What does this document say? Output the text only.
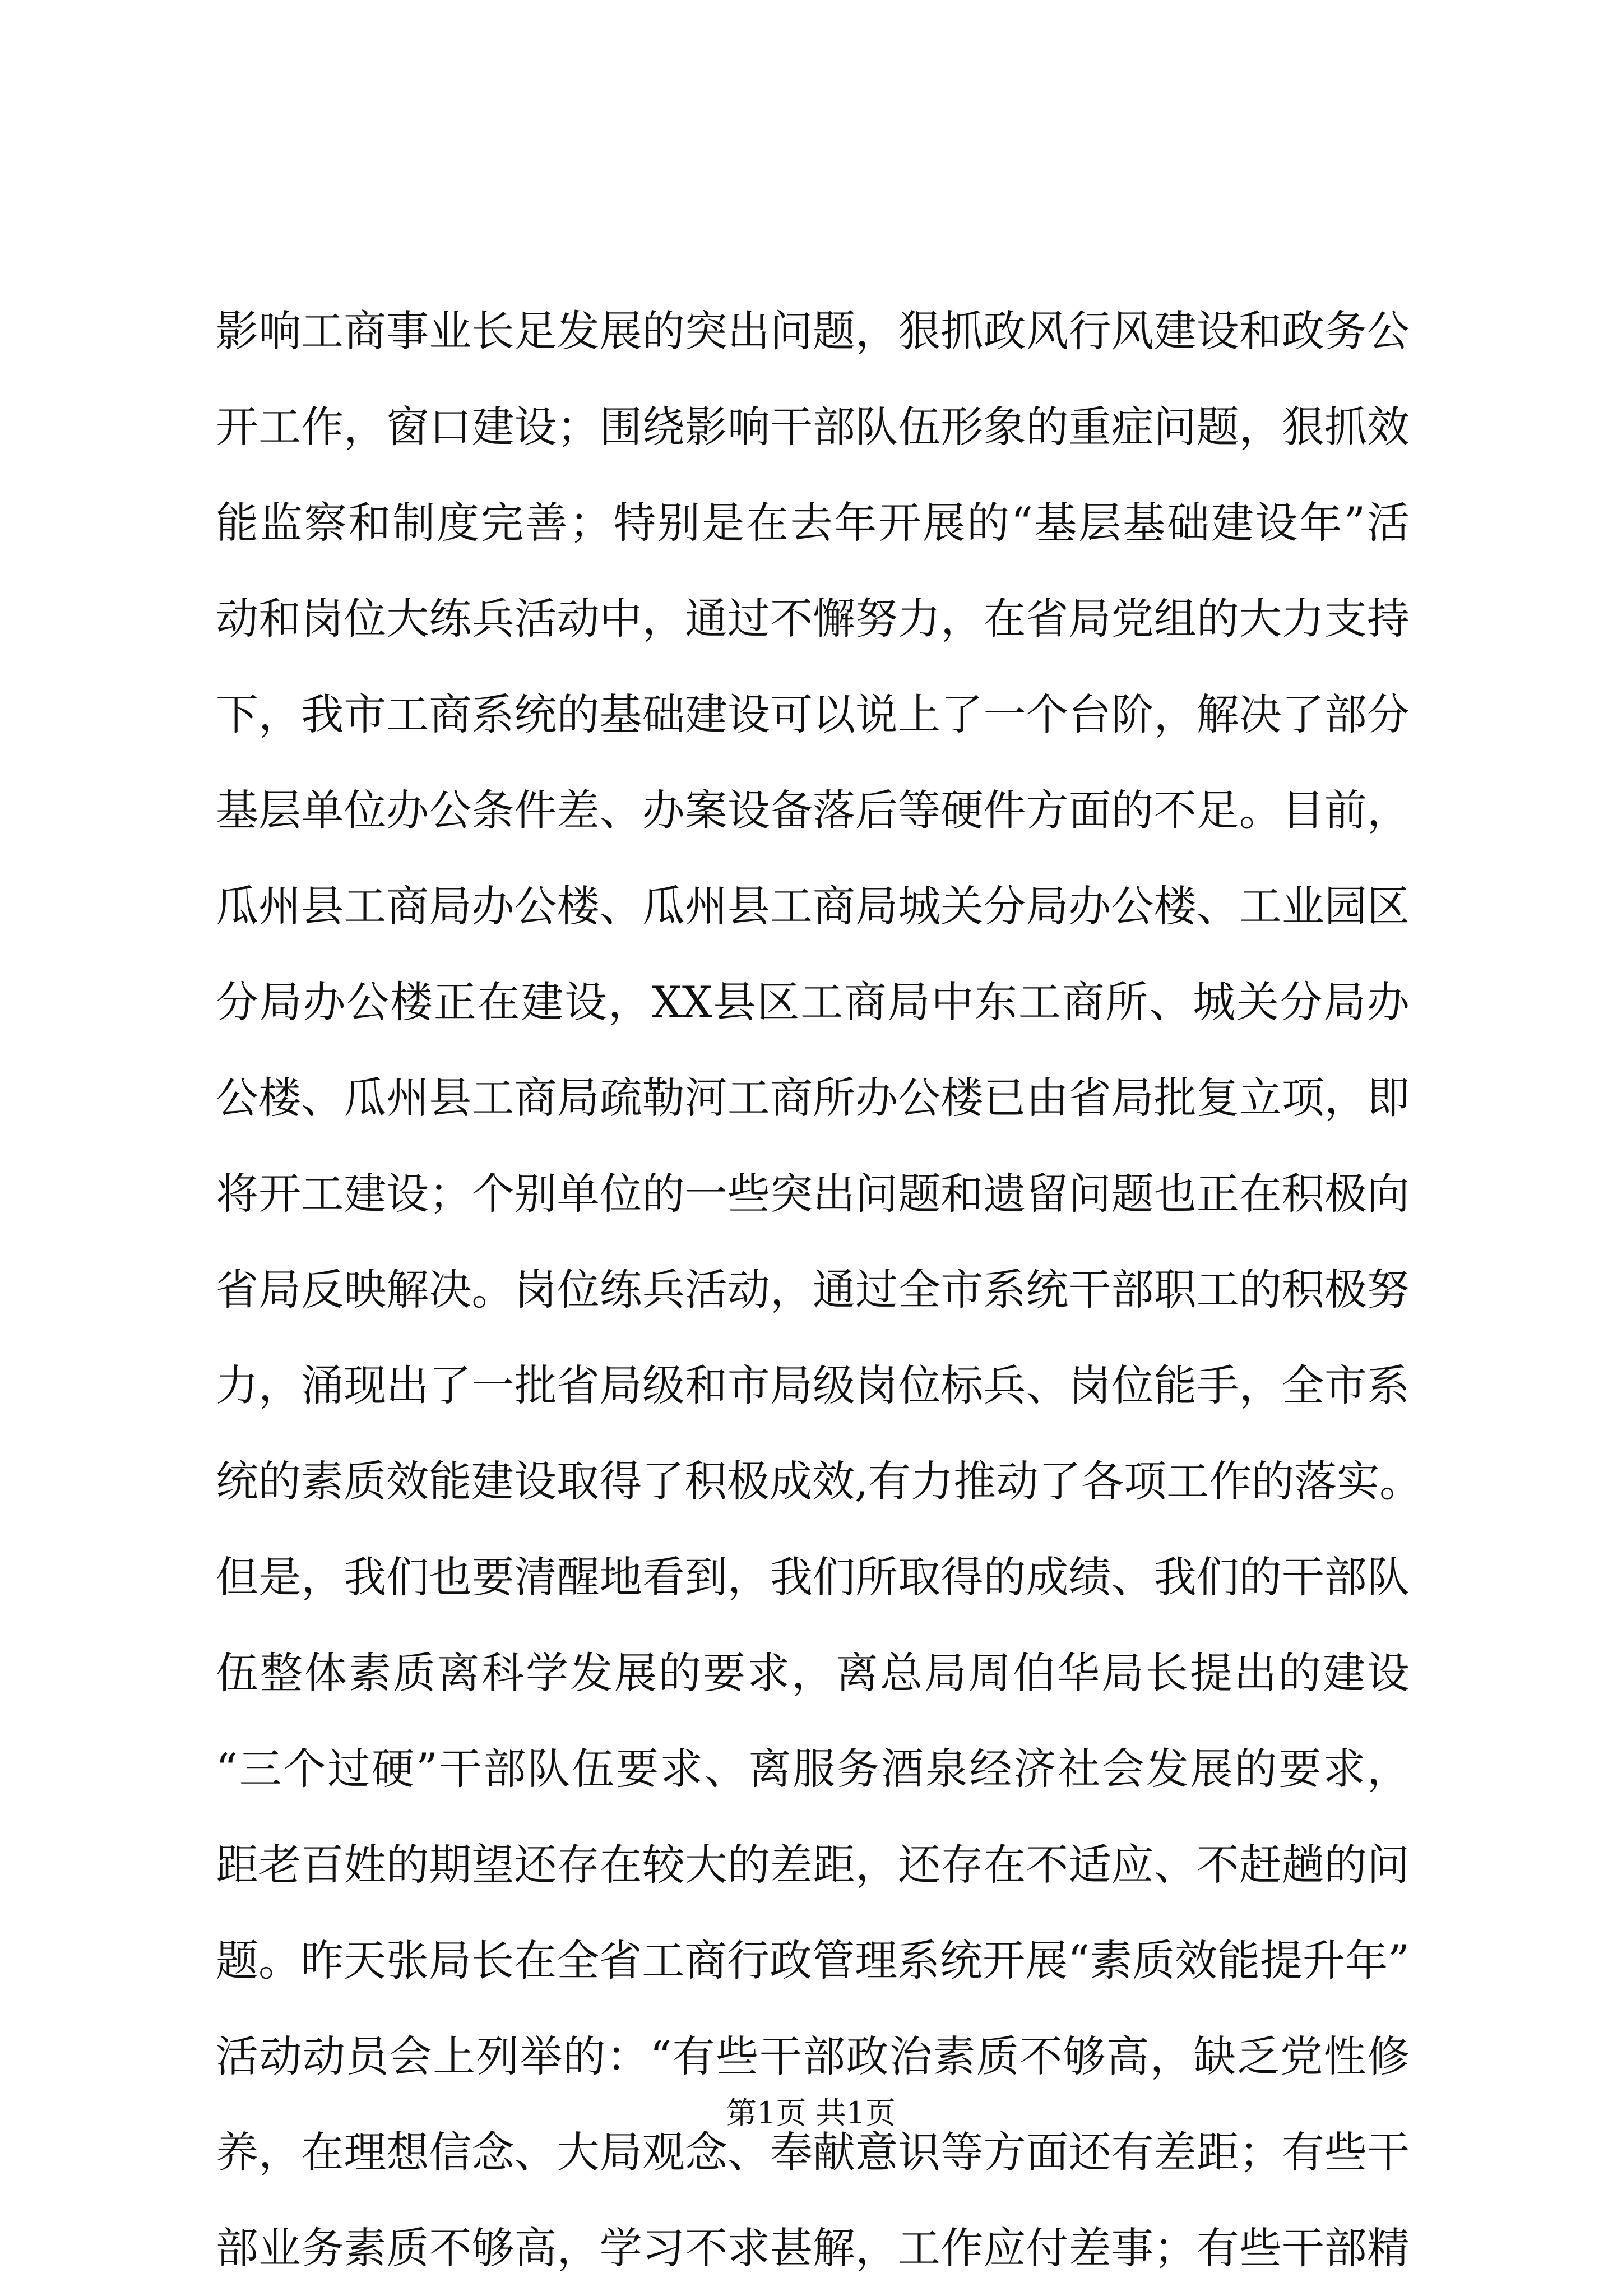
影响工商事业长足发展的突出问题，狠抓政风行风建设和政务公
开工作，窗口建设；围绕影响干部队伍形象的重症问题，狠抓效
能监察和制度完善；特别是在去年开展的“基层基础建设年”活
动和岗位大练兵活动中，通过不懈努力，在省局党组的大力支持
下，我市工商系统的基础建设可以说上了一个台阶，解决了部分
基层单位办公条件差、办案设备落后等硬件方面的不足。目前，
瓜州县工商局办公楼、瓜州县工商局城关分局办公楼、工业园区
分局办公楼正在建设，XX县区工商局中东工商所、城关分局办
公楼、瓜州县工商局疏勒河工商所办公楼已由省局批复立项，即
将开工建设；个别单位的一些突出问题和遗留问题也正在积极向
省局反映解决。岗位练兵活动，通过全市系统干部职工的积极努
力，涌现出了一批省局级和市局级岗位标兵、岗位能手，全市系
统的素质效能建设取得了积极成效,有力推动了各项工作的落实。
但是，我们也要清醒地看到，我们所取得的成绩、我们的干部队
伍整体素质离科学发展的要求，离总局周伯华局长提出的建设
“三个过硬”干部队伍要求、离服务酒泉经济社会发展的要求，
距老百姓的期望还存在较大的差距，还存在不适应、不赶趟的问
题。昨天张局长在全省工商行政管理系统开展“素质效能提升年”
活动动员会上列举的：“有些干部政治素质不够高，缺乏党性修
养，在理想信念、大局观念、奉献意识等方面还有差距；有些干
部业务素质不够高，学习不求甚解，工作应付差事；有些干部精
第1页 共1页
